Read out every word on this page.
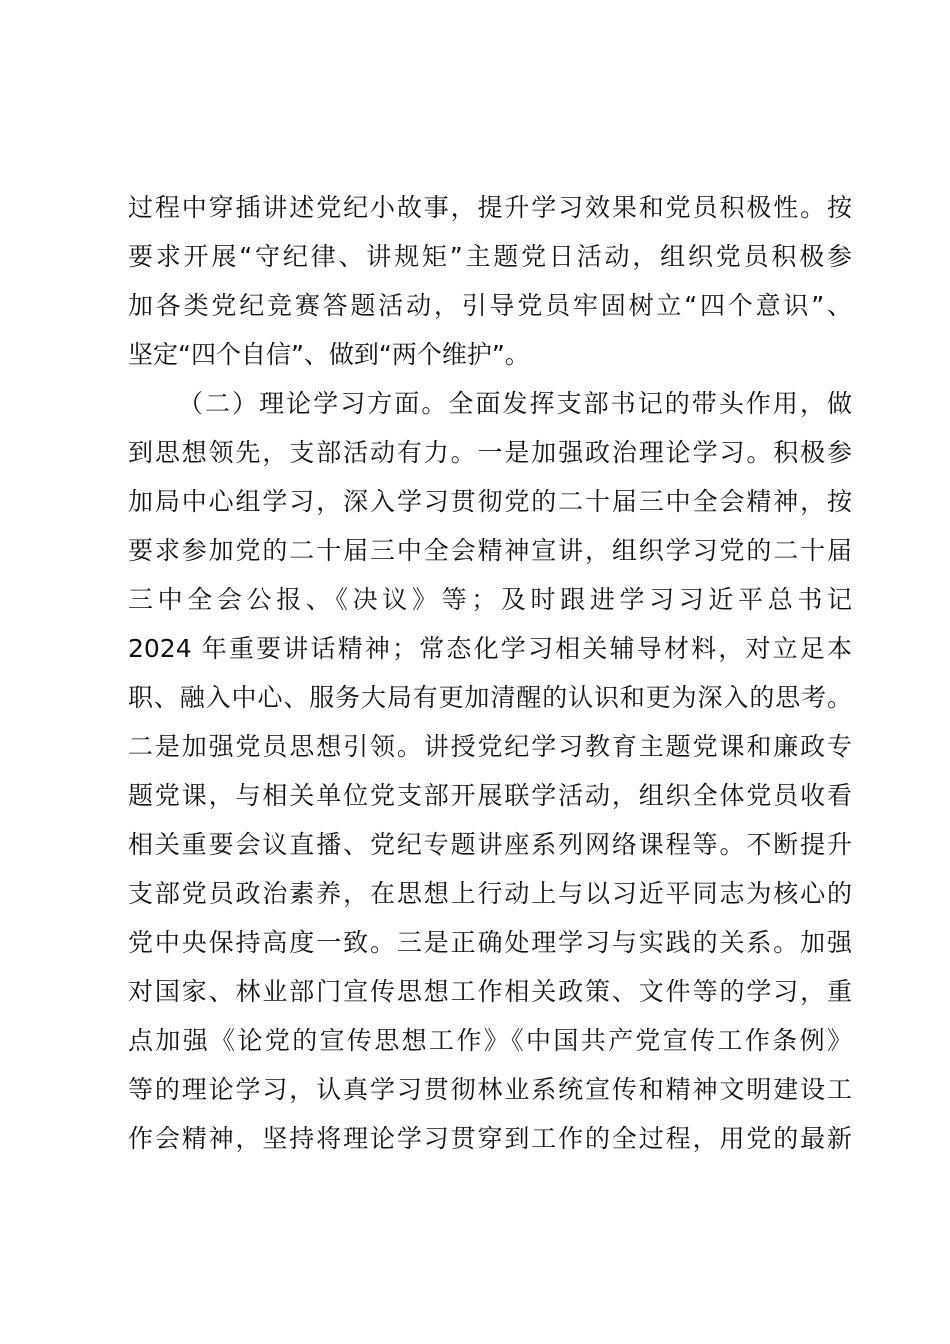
过程中穿插讲述党纪小故事，提升学习效果和党员积极性。按
要求开展“守纪律、讲规矩”主题党日活动，组织党员积极参
加各类党纪竞赛答题活动，引导党员牢固树立“四个意识”、
坚定“四个自信”、做到“两个维护”。
（二）理论学习方面。全面发挥支部书记的带头作用，做
到思想领先，支部活动有力。一是加强政治理论学习。积极参
加局中心组学习，深入学习贯彻党的二十届三中全会精神，按
要求参加党的二十届三中全会精神宣讲，组织学习党的二十届
三中全会公报、《决议》等；及时跟进学习习近平总书记
2024 年重要讲话精神；常态化学习相关辅导材料，对立足本
职、融入中心、服务大局有更加清醒的认识和更为深入的思考。
二是加强党员思想引领。讲授党纪学习教育主题党课和廉政专
题党课，与相关单位党支部开展联学活动，组织全体党员收看
相关重要会议直播、党纪专题讲座系列网络课程等。不断提升
支部党员政治素养，在思想上行动上与以习近平同志为核心的
党中央保持高度一致。三是正确处理学习与实践的关系。加强
对国家、林业部门宣传思想工作相关政策、文件等的学习，重
点加强《论党的宣传思想工作》《中国共产党宣传工作条例》
等的理论学习，认真学习贯彻林业系统宣传和精神文明建设工
作会精神，坚持将理论学习贯穿到工作的全过程，用党的最新
